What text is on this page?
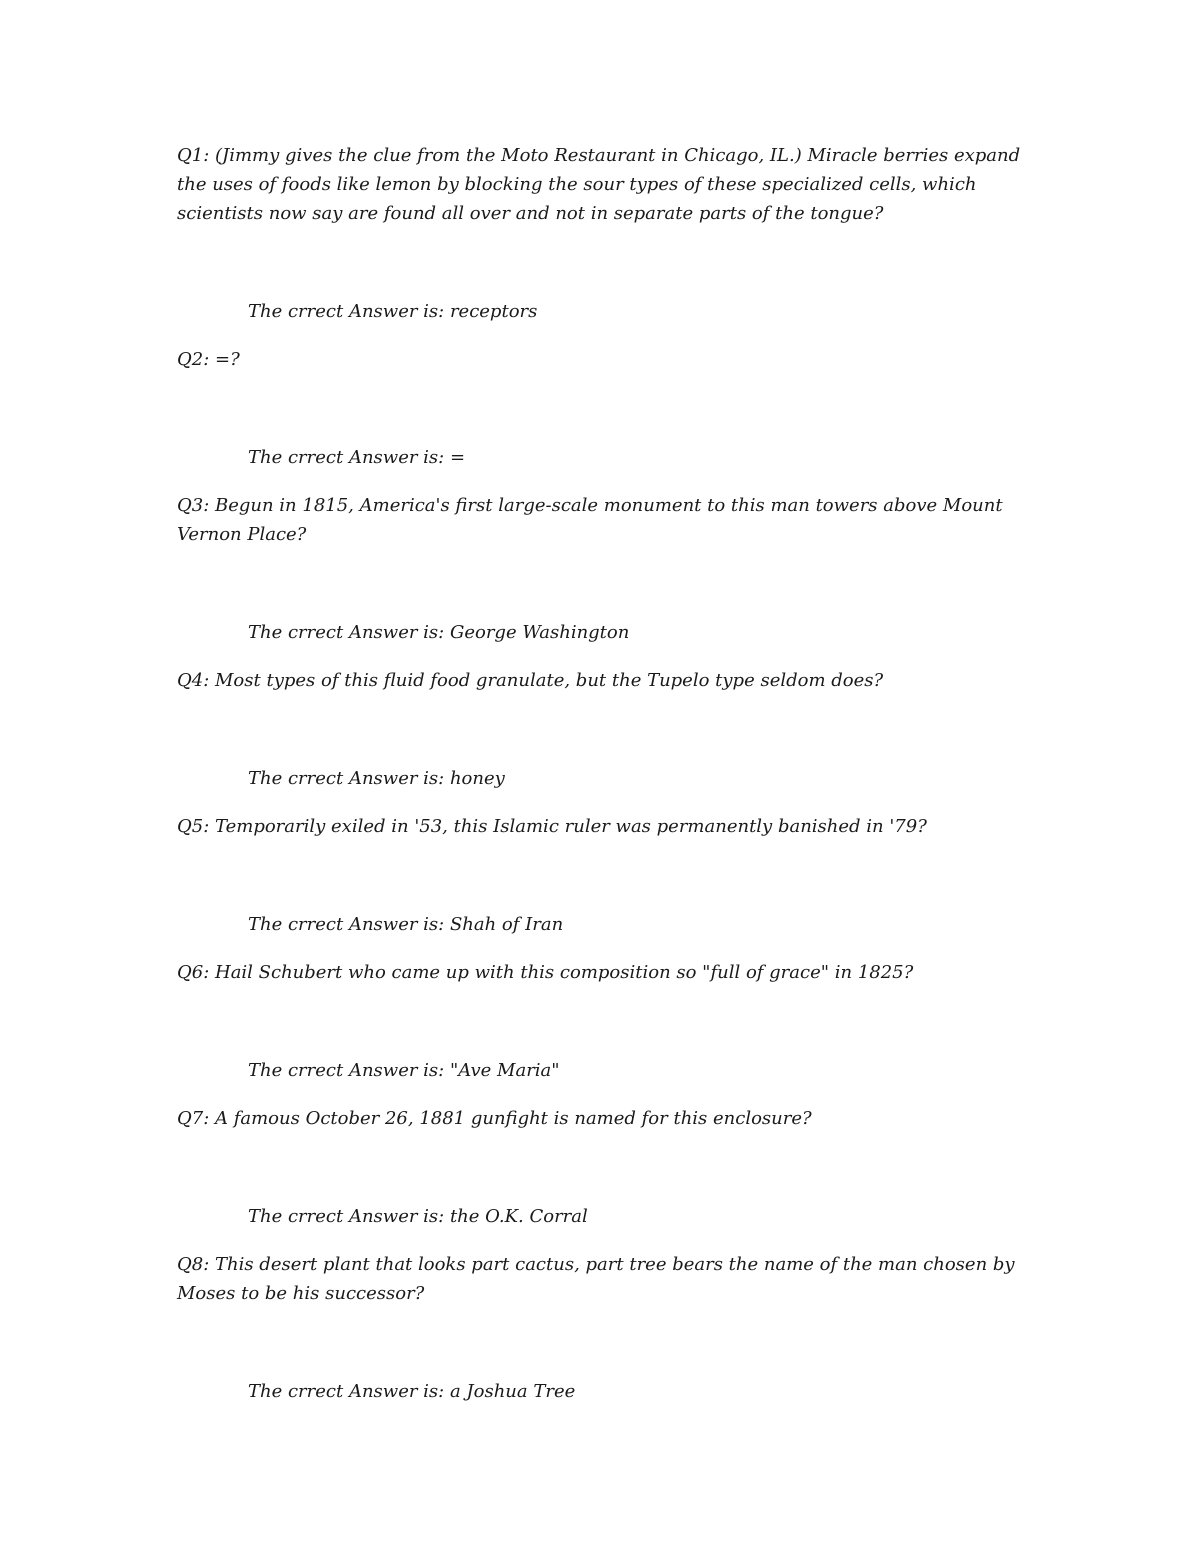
Q1: (Jimmy gives the clue from the Moto Restaurant in Chicago, IL.) Miracle berries expand the uses of foods like lemon by blocking the sour types of these specialized cells, which scientists now say are found all over and not in separate parts of the tongue?

The crrect Answer is: receptors

Q2: =?

The crrect Answer is: =

Q3: Begun in 1815, America's first large-scale monument to this man towers above Mount Vernon Place?

The crrect Answer is: George Washington

Q4: Most types of this fluid food granulate, but the Tupelo type seldom does?

The crrect Answer is: honey

Q5: Temporarily exiled in '53, this Islamic ruler was permanently banished in '79?

The crrect Answer is: Shah of Iran

Q6: Hail Schubert who came up with this composition so "full of grace" in 1825?

The crrect Answer is: "Ave Maria"

Q7: A famous October 26, 1881 gunfight is named for this enclosure?

The crrect Answer is: the O.K. Corral

Q8: This desert plant that looks part cactus, part tree bears the name of the man chosen by Moses to be his successor?

The crrect Answer is: a Joshua Tree
